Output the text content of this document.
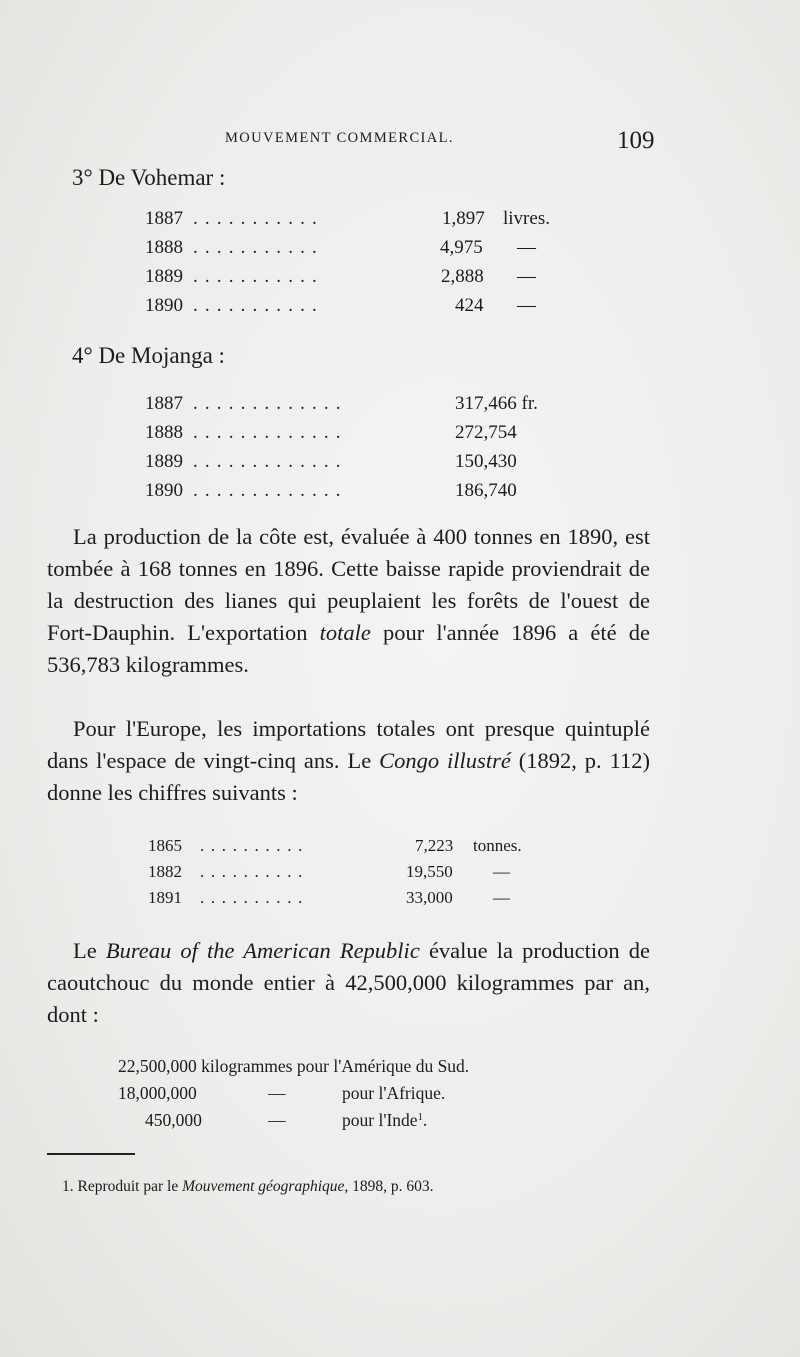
MOUVEMENT COMMERCIAL.	109
3° De Vohemar :
1887 . . . . . . . . . . .	1,897 livres.
1888 . . . . . . . . . . .	4,975 —
1889 . . . . . . . . . . .	2,888 —
1890 . . . . . . . . . . .	424 —
4° De Mojanga :
1887 . . . . . . . . . . . . .	317,466 fr.
1888 . . . . . . . . . . . . .	272,754
1889 . . . . . . . . . . . . .	150,430
1890 . . . . . . . . . . . . .	186,740

La production de la côte est, évaluée à 400 tonnes en 1890, est tombée à 168 tonnes en 1896. Cette baisse rapide proviendrait de la destruction des lianes qui peuplaient les forêts de l'ouest de Fort-Dauphin. L'exportation totale pour l'année 1896 a été de 536,783 kilogrammes.

Pour l'Europe, les importations totales ont presque quintuplé dans l'espace de vingt-cinq ans. Le Congo illustré (1892, p. 112) donne les chiffres suivants :

1865 . . . . . . . . . .	7,223 tonnes.
1882 . . . . . . . . . .	19,550 —
1891 . . . . . . . . . .	33,000 —

Le Bureau of the American Republic évalue la production de caoutchouc du monde entier à 42,500,000 kilogrammes par an, dont :

22,500,000 kilogrammes pour l'Amérique du Sud.
18,000,000	—	pour l'Afrique.
450,000	—	pour l'Inde$^1$.
1. Reproduit par le Mouvement géographique, 1898, p. 603.
